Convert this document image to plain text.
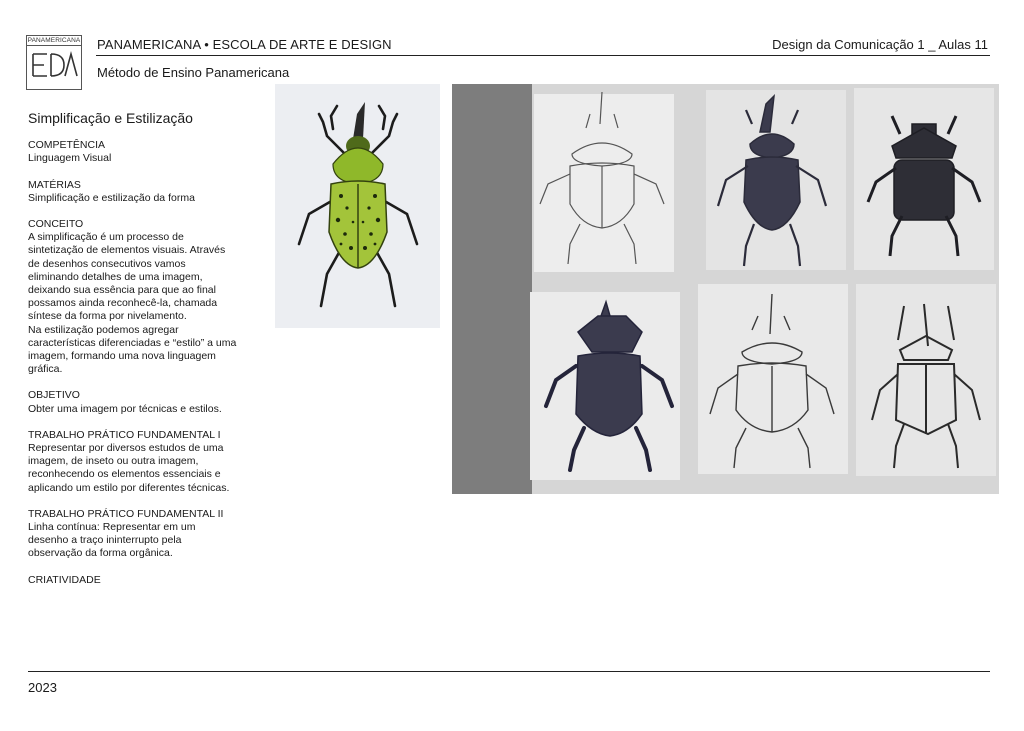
PANAMERICANA PANAMERICANA • ESCOLA DE ARTE E DESIGN	Design da Comunicação 1 _ Aulas 11
Método de Ensino Panamericana
Simplificação e Estilização
COMPETÊNCIA
Linguagem Visual
MATÉRIAS
Simplificação e estilização da forma
CONCEITO
A simplificação é um processo de sintetização de elementos visuais. Através de desenhos consecutivos vamos eliminando detalhes de uma imagem, deixando sua essência para que ao final possamos ainda reconhecê-la, chamada síntese da forma por nivelamento.
Na estilização podemos agregar características diferenciadas e “estilo” a uma imagem, formando uma nova linguagem gráfica.
OBJETIVO
Obter uma imagem por técnicas e estilos.
TRABALHO PRÁTICO FUNDAMENTAL I
Representar por diversos estudos de uma imagem, de inseto ou outra imagem, reconhecendo os elementos essenciais e aplicando um estilo por diferentes técnicas.
TRABALHO PRÁTICO FUNDAMENTAL II
Linha contínua: Representar em um desenho a traço ininterrupto pela observação da forma orgânica.
CRIATIVIDADE
2023
